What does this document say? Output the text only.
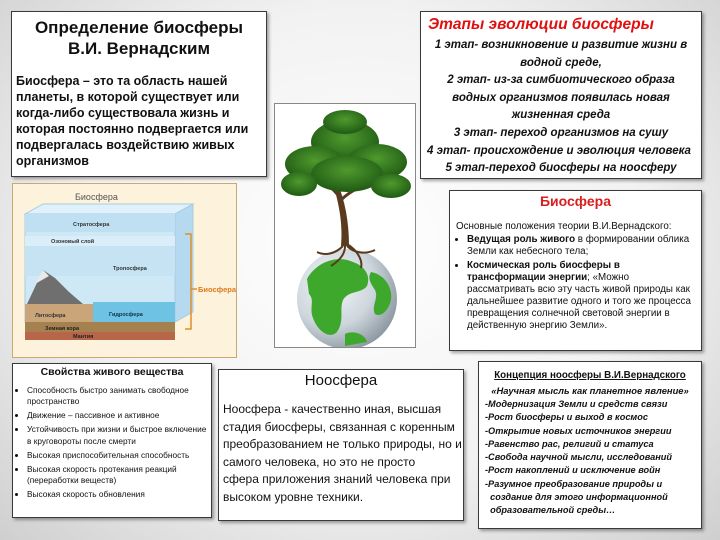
Определение биосферы
В.И. Вернадским
Биосфера – это та область нашей планеты, в которой существует или когда-либо существовала жизнь и которая постоянно подвергается или подвергалась воздействию живых организмов
Этапы эволюции биосферы
1 этап- возникновение и развитие жизни в
водной среде,
2 этап- из-за симбиотического образа
водных организмов появилась новая
жизненная среда
3 этап- переход организмов на сушу
4 этап- происхождение и эволюция человека
5 этап-переход биосферы на ноосферу
Биосфера
Стратосфера
Озоновый слой
Тропосфера
Литосфера	Гидросфера
Земная кора
Мантия
Биосфера
Биосфера
Основные положения теории В.И.Вернадского:
• Ведущая роль живого в формировании облика Земли как небесного тела;
• Космическая роль биосферы в трансформации энергии; «Можно рассматривать всю эту часть живой природы как дальнейшее развитие одного и того же процесса превращения солнечной световой энергии в действенную энергию Земли».
Свойства живого вещества
• Способность быстро занимать свободное пространство
• Движение – пассивное и активное
• Устойчивость при жизни и быстрое включение в круговороты после смерти
• Высокая приспособительная способность
• Высокая скорость протекания реакций (переработки веществ)
• Высокая скорость обновления
Ноосфера
Ноосфера - качественно иная, высшая стадия биосферы, связанная с коренным преобразованием не только природы, но и самого человека, но это не просто    сфера приложения знаний человека при высоком уровне техники.
Концепция ноосферы В.И.Вернадского
«Научная мысль как планетное явление»
-Модернизация Земли и средств связи
-Рост биосферы и выход в космос
-Открытие новых источников энергии
-Равенство рас, религий и статуса
-Свобода научной мысли, исследований
-Рост накоплений и исключение войн
-Разумное преобразование природы и
создание для этого информационной
образовательной среды…
